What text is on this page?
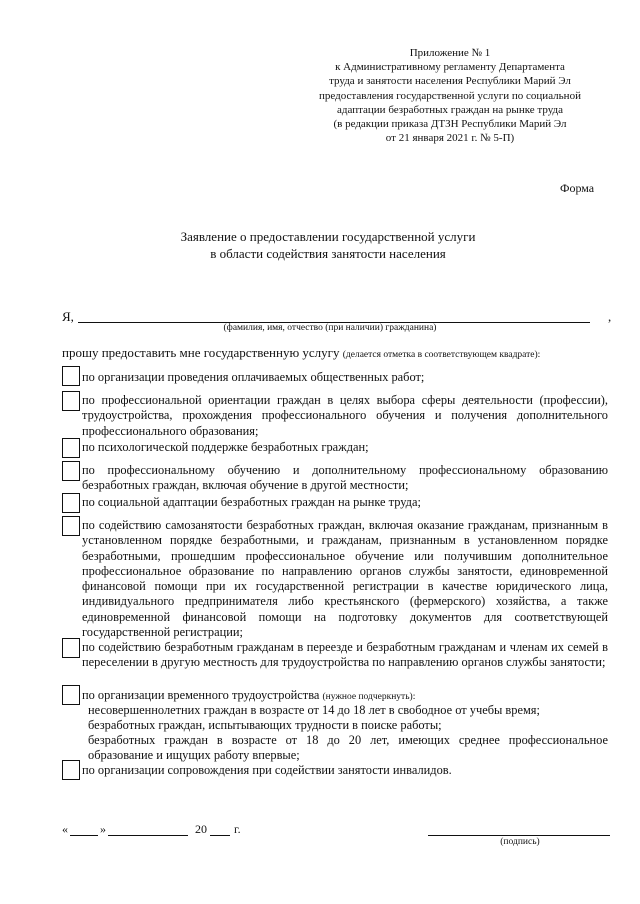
Приложение № 1
к Административному регламенту Департамента
труда и занятости населения Республики Марий Эл
предоставления государственной услуги по социальной
адаптации безработных граждан на рынке труда
(в редакции приказа ДТЗН Республики Марий Эл
от 21 января 2021 г. № 5-П)
Форма
Заявление о предоставлении государственной услуги
в области содействия занятости населения
Я,	,
(фамилия, имя, отчество (при наличии) гражданина)
прошу предоставить мне государственную услугу (делается отметка в соответствующем квадрате):
по организации проведения оплачиваемых общественных работ;
по профессиональной ориентации граждан в целях выбора сферы деятельности (профессии), трудоустройства, прохождения профессионального обучения и получения дополнительного профессионального образования;
по психологической поддержке безработных граждан;
по профессиональному обучению и дополнительному профессиональному образованию безработных граждан, включая обучение в другой местности;
по социальной адаптации безработных граждан на рынке труда;
по содействию самозанятости безработных граждан, включая оказание гражданам, признанным в установленном порядке безработными, и гражданам, признанным в установленном порядке безработными, прошедшим профессиональное обучение или получившим дополнительное профессиональное образование по направлению органов службы занятости, единовременной финансовой помощи при их государственной регистрации в качестве юридического лица, индивидуального предпринимателя либо крестьянского (фермерского) хозяйства, а также единовременной финансовой помощи на подготовку документов для соответствующей государственной регистрации;
по содействию безработным гражданам в переезде и безработным гражданам и членам их семей в переселении в другую местность для трудоустройства по направлению органов службы занятости;
по организации временного трудоустройства (нужное подчеркнуть):
несовершеннолетних граждан в возрасте от 14 до 18 лет в свободное от учебы время;
безработных граждан, испытывающих трудности в поиске работы;
безработных граждан в возрасте от 18 до 20 лет, имеющих среднее профессиональное образование и ищущих работу впервые;
по организации сопровождения при содействии занятости инвалидов.
«	»	20 г.
(подпись)
